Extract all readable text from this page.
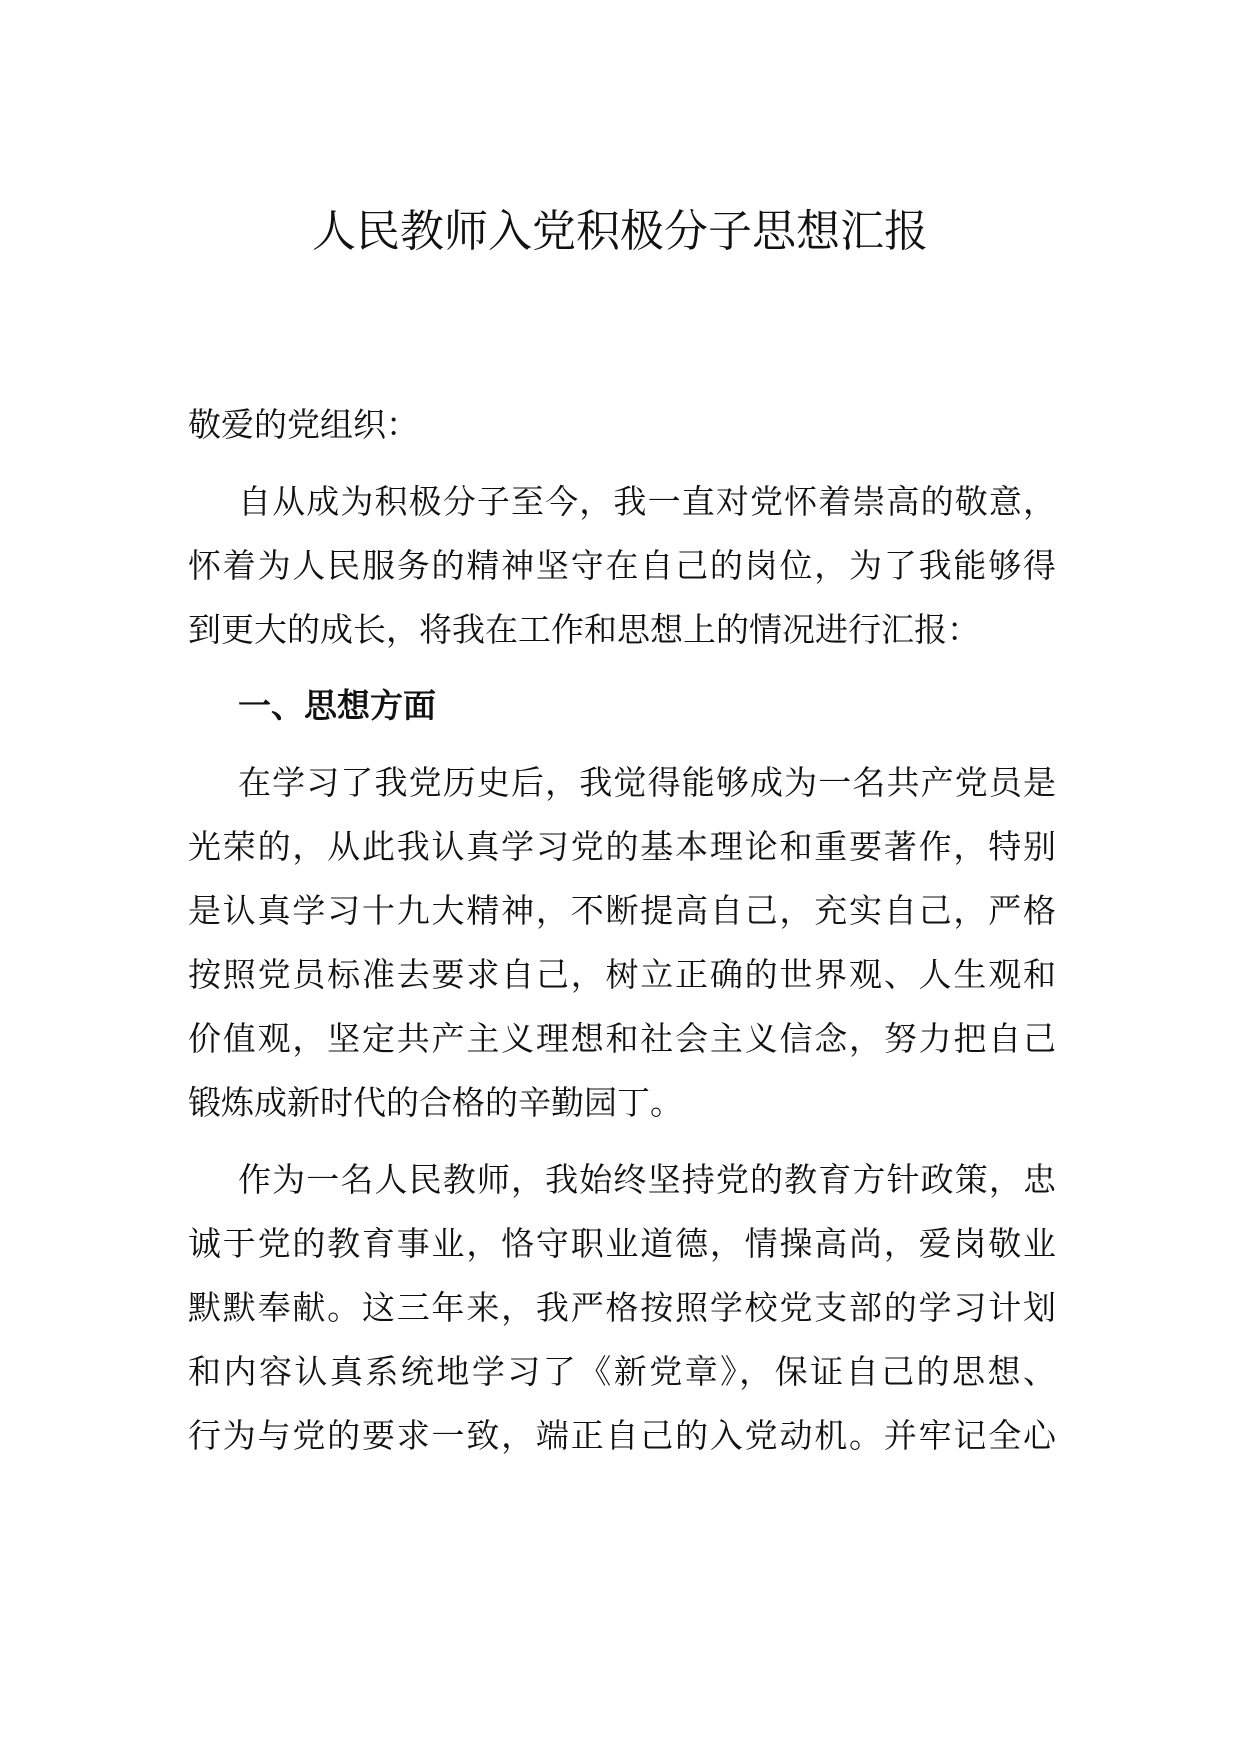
人民教师入党积极分子思想汇报
敬爱的党组织：
自从成为积极分子至今，我一直对党怀着崇高的敬意，
怀着为人民服务的精神坚守在自己的岗位，为了我能够得
到更大的成长，将我在工作和思想上的情况进行汇报：
一、思想方面
在学习了我党历史后，我觉得能够成为一名共产党员是
光荣的，从此我认真学习党的基本理论和重要著作，特别
是认真学习十九大精神，不断提高自己，充实自己，严格
按照党员标准去要求自己，树立正确的世界观、人生观和
价值观，坚定共产主义理想和社会主义信念，努力把自己
锻炼成新时代的合格的辛勤园丁。
作为一名人民教师，我始终坚持党的教育方针政策，忠
诚于党的教育事业，恪守职业道德，情操高尚，爱岗敬业
默默奉献。这三年来，我严格按照学校党支部的学习计划
和内容认真系统地学习了《新党章》，保证自己的思想、
行为与党的要求一致，端正自己的入党动机。并牢记全心
